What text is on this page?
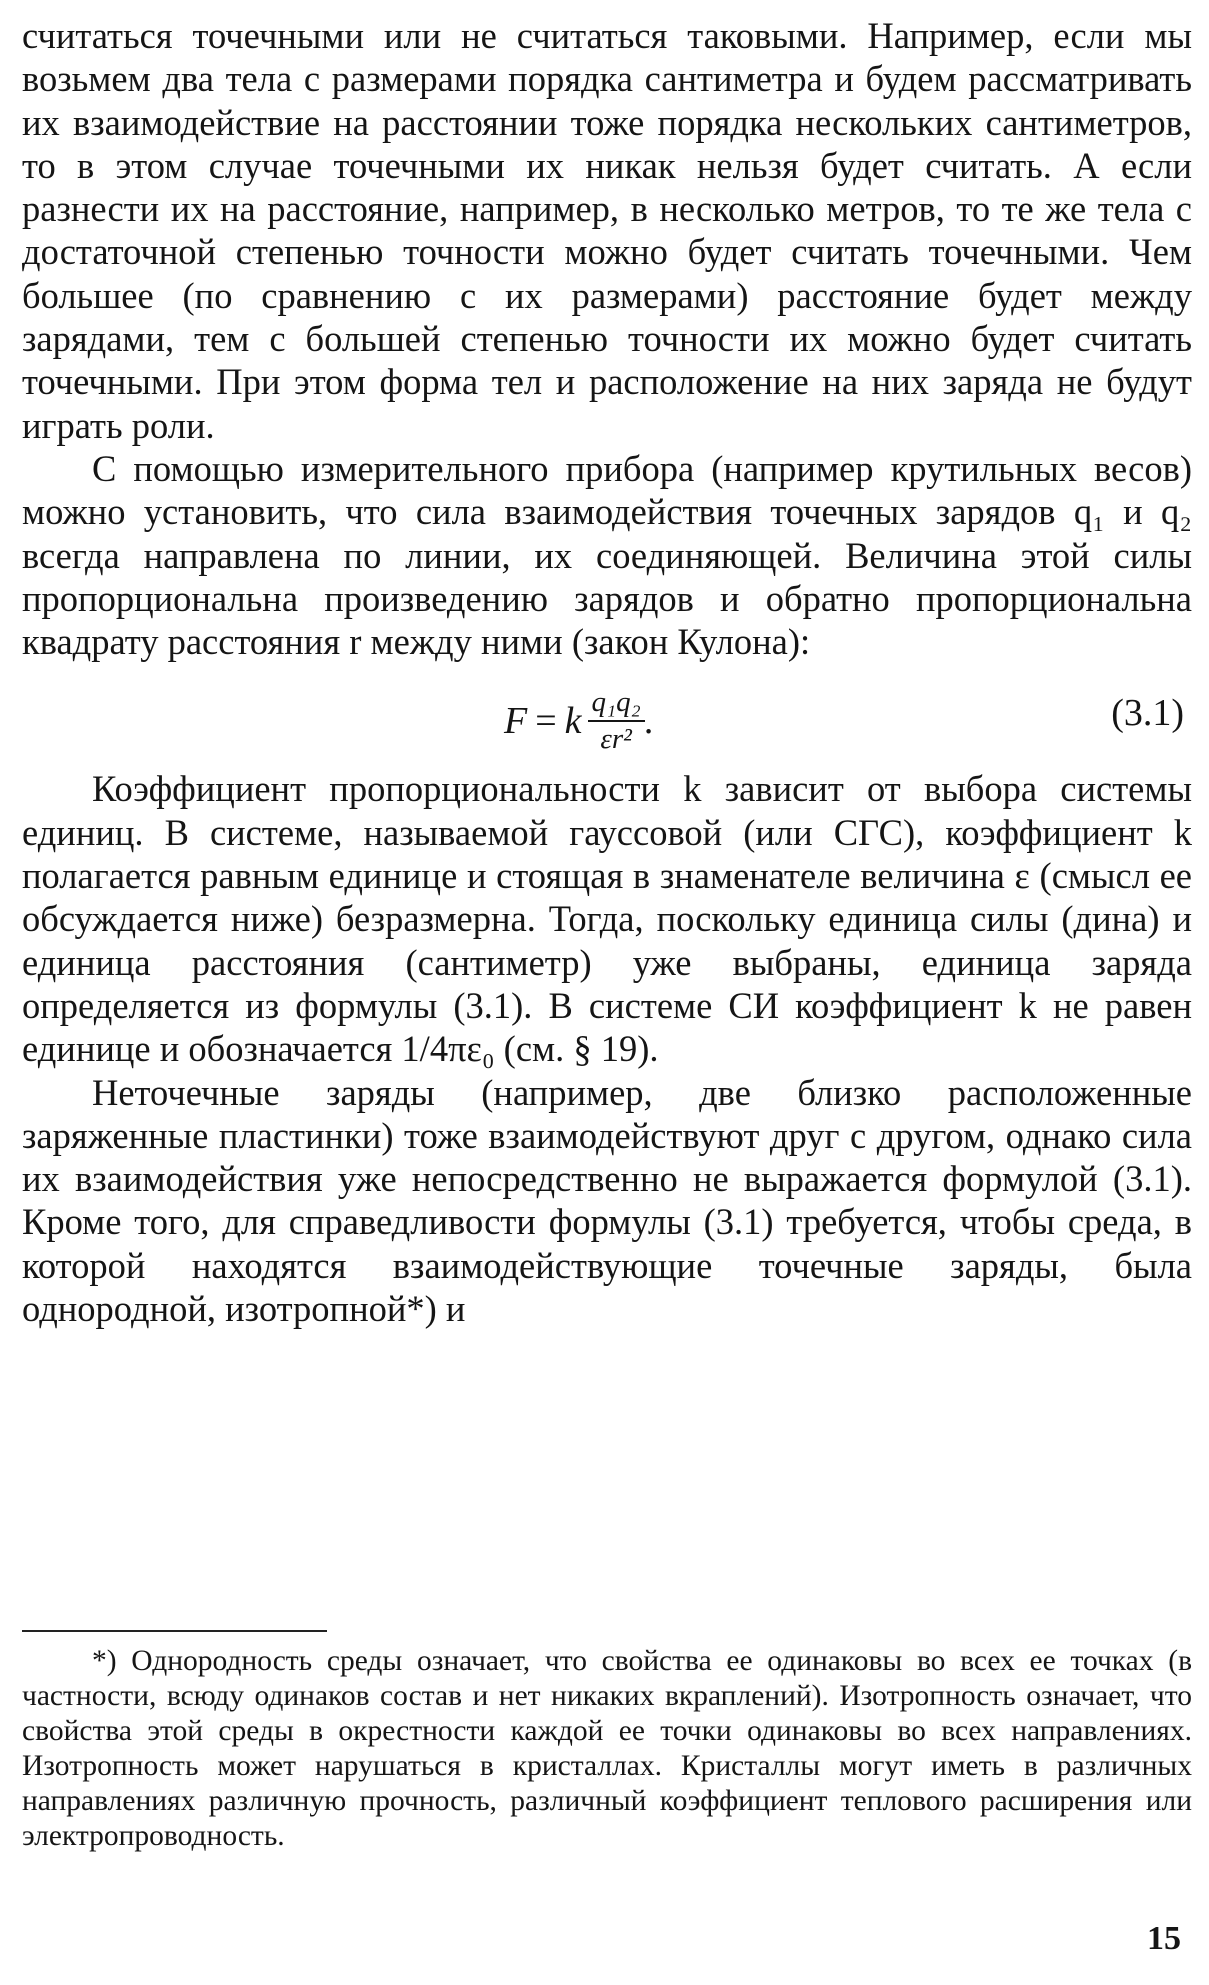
считаться точечными или не считаться таковыми. Например, если мы возьмем два тела с размерами порядка сантиметра и будем рассматривать их взаимодействие на расстоянии тоже порядка нескольких сантиметров, то в этом случае точечными их никак нельзя будет считать. А если разнести их на расстояние, например, в несколько метров, то те же тела с достаточной степенью точности можно будет считать точечными. Чем большее (по сравнению с их размерами) расстояние будет между зарядами, тем с большей степенью точности их можно будет считать точечными. При этом форма тел и расположение на них заряда не будут играть роли.

С помощью измерительного прибора (например крутильных весов) можно установить, что сила взаимодействия точечных зарядов q₁ и q₂ всегда направлена по линии, их соединяющей. Величина этой силы пропорциональна произведению зарядов и обратно пропорциональна квадрату расстояния r между ними (закон Кулона):

F = k $\frac{\text{q₁q₂}}{\text{εr²}}$ .	(3.1)

Коэффициент пропорциональности k зависит от выбора системы единиц. В системе, называемой гауссовой (или СГС), коэффициент k полагается равным единице и стоящая в знаменателе величина ε (смысл ее обсуждается ниже) безразмерна. Тогда, поскольку единица силы (дина) и единица расстояния (сантиметр) уже выбраны, единица заряда определяется из формулы (3.1). В системе СИ коэффициент k не равен единице и обозначается 1/4πε₀ (см. § 19).

Неточечные заряды (например, две близко расположенные заряженные пластинки) тоже взаимодействуют друг с другом, однако сила их взаимодействия уже непосредственно не выражается формулой (3.1). Кроме того, для справедливости формулы (3.1) требуется, чтобы среда, в которой находятся взаимодействующие точечные заряды, была однородной, изотропной*) и

*) Однородность среды означает, что свойства ее одинаковы во всех ее точках (в частности, всюду одинаков состав и нет никаких вкраплений). Изотропность означает, что свойства этой среды в окрестности каждой ее точки одинаковы во всех направлениях. Изотропность может нарушаться в кристаллах. Кристаллы могут иметь в различных направлениях различную прочность, различный коэффициент теплового расширения или электропроводность.

15
